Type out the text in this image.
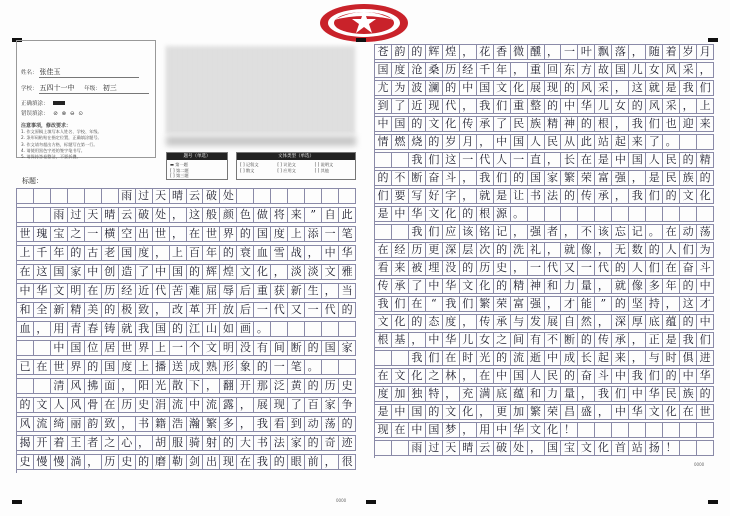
姓名： 张佳玉
学校： 五四十一中 年级： 初三
正确填涂：
错误填涂： ⊘ ⊗ ⊖ ⊙
注意事项，修改要求：
1. 作文原稿上填写本人姓名、学校、年级。
2. 条形码粘贴在指定位置，正确填涂题号。
3. 作文请勿超出方格，标题写在第一行。
4. 请使用黑色字迹的签字笔书写。
5. 请保持答卷整洁，不要折叠。	题号（单选）
▬ 第一题
[ ] 第二题
[ ] 第三题
文体类型（单选）
[ ] 记叙文	[ ] 议论文	[ ] 说明文
[ ] 散文	[ ] 应用文	[ ] 其他
雨 过 天 晴 云 破 处
雨 过 天 晴 云 破 处 ， 这 般 颜 色 做 将 来 ” 自 此
世 瑰 宝 之 一 横 空 出 世 ， 在 世 界 的 国 度 上 添 一 笔
上 千 年 的 古 老 国 度 ， 上 百 年 的 衰 血 雪 战 ， 中 华
在 这 国 家 中 创 造 了 中 国 的 辉 煌 文 化 ， 淡 淡 文 雅
中 华 文 明 在 历 经 近 代 苦 难 屈 辱 后 重 获 新 生 ， 当
和 全 新 精 美 的 极 致 ， 改 革 开 放 后 一 代 又 一 代 的
血 ， 用 青 春 铸 就 我 国 的 江 山 如 画 。
中 国 位 居 世 界 上 一 个 文 明 没 有 间 断 的 国 家
已 在 世 界 的 国 度 上 播 送 成 熟 形 象 的 一 笔 。
清 风 拂 面 ， 阳 光 散 下 ， 翻 开 那 泛 黄 的 历 史
的 文 人 风 骨 在 历 史 涓 流 中 流 露 ， 展 现 了 百 家 争
风 流 绮 丽 韵 致 ， 书 籍 浩 瀚 繁 多 ， 我 看 到 动 荡 的
揭 开 着 王 者 之 心 ， 胡 服 骑 射 的 大 书 法 家 的 奇 迹
史 慢 慢 淌 ， 历 史 的 磨 勒 剑 出 现 在 我 的 眼 前 ， 很
0000
标题：
苍 韵 的 辉 煌 ， 花 香 微 醺 ， 一 叶 飘 落 ， 随 着 岁 月
国 度 沧 桑 历 经 千 年 ， 重 回 东 方 故 国 儿 女 风 采 ，
尤 为 波 澜 的 中 国 文 化 展 现 的 风 采 ， 这 就 是 我 们
到 了 近 现 代 ， 我 们 重 整 的 中 华 儿 女 的 风 采 ， 上
中 国 的 文 化 传 承 了 民 族 精 神 的 根 ， 我 们 也 迎 来
情 燃 烧 的 岁 月 ， 中 国 人 民 从 此 站 起 来 了 。
我 们 这 一 代 人 一 直 ， 长 在 是 中 国 人 民 的 精
的 不 断 奋 斗 ， 我 们 的 国 家 繁 荣 富 强 ， 是 民 族 的
们 要 写 好 字 ， 就 是 让 书 法 的 传 承 ， 我 们 的 文 化
是 中 华 文 化 的 根 源 。
我 们 应 该 铭 记 ， 强 者 ， 不 该 忘 记 。 在 动 荡
在 经 历 更 深 层 次 的 洗 礼 ， 就 像 ， 无 数 的 人 们 为
看 来 被 埋 没 的 历 史 ， 一 代 又 一 代 的 人 们 在 奋 斗
传 承 了 中 华 文 化 的 精 神 和 力 量 ， 就 像 多 年 的 中
我 们 在 “ 我 们 繁 荣 富 强 ， 才 能 ” 的 坚 持 ， 这 才
文 化 的 态 度 ， 传 承 与 发 展 自 然 ， 深 厚 底 蕴 的 中
根 基 ， 中 华 儿 女 之 间 有 不 断 的 传 承 ， 正 是 我 们
我 们 在 时 光 的 流 逝 中 成 长 起 来 ， 与 时 俱 进
在 文 化 之 林 ， 在 中 国 人 民 的 奋 斗 中 我 们 的 中 华
度 加 独 特 ， 充 满 底 蕴 和 力 量 ， 我 们 中 华 民 族 的
是 中 国 的 文 化 ， 更 加 繁 荣 昌 盛 ， 中 华 文 化 在 世
现 在 中 国 梦 ， 用 中 华 文 化 ！
雨 过 天 晴 云 破 处 ， 国 宝 文 化 首 站 扬 ！
0000
